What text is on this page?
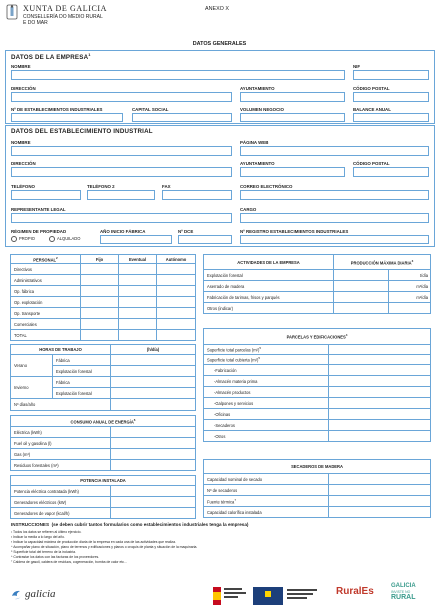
XUNTA DE GALICIA
CONSELLERÍA DO MEDIO RURAL
E DO MAR
ANEXO X
DATOS GENERALES
DATOS DE LA EMPRESA$^1$
NOMBRE	NIF
DIRECCIÓN	AYUNTAMIENTO	CÓDIGO POSTAL
Nº DE ESTABLECIMIENTOS INDUSTRIALES	CAPITAL SOCIAL	VOLUMEN NEGOCIO	BALANCE ANUAL
DATOS DEL ESTABLECIMIENTO INDUSTRIAL
NOMBRE	PÁGINA WEB
DIRECCIÓN	AYUNTAMIENTO	CÓDIGO POSTAL
TELÉFONO	TELÉFONO 2	FAX	CORREO ELECTRÓNICO
REPRESENTANTE LEGAL	CARGO
RÉGIMEN DE PROPIEDAD
PROPIO	ALQUILADO
AÑO INICIO FÁBRICA	Nº DCE	Nº REGISTRO ESTABLECIMIENTOS INDUSTRIALES
PERSONAL$^2$	Fijo	Eventual	Autónomo
Directivos			
Administrativos			
Op. fábrica			
Op. explotación			
Op. transporte			
Comerciales			
TOTAL			
ACTIVIDADES DE LA EMPRESA	PRODUCCIÓN MÁXIMA DIARIA$^3$
Explotación forestal		t/día
Aserrado de madera		m³/día
Fabricación de tarimas, frisos y parqués		m²/día
Otros (indicar)		
HORAS DE TRABAJO		(h/día)
Verano	Fábrica	
	Explotación forestal	
Invierno	Fábrica	
	Explotación forestal	
Nº días/año		
PARCELAS Y EDIFICACIONES$^4$
Superficie total parcelas $(m^2)^5$	
Superficie total cubierta $(m^2)^5$	
-Fabricación	
-Almacén materia prima	
-Almacén productos	
-Galpones y servicios	
-Oficinas	
-Secaderos	
-Otros	
CONSUMO ANUAL DE ENERGÍA$^6$
Eléctrica (kWh)	
Fuel oil y gasolina (l)	
Gas (m³)	
Residuos forestales (m³)	
POTENCIA INSTALADA	
Potencia eléctrica contratada (kWh)	
Generadores eléctricos (kW)	
Generadores de vapor (kcal/h)	
SECADEROS DE MADERA	
Capacidad nominal de secado	
Nº de secaderos	
Fuente térmica$^7$	
Capacidad calorífica instalada	
INSTRUCCIONES (se deben cubrir tantos formularios como establecimientos industriales tenga la empresa)
¹ Todos los datos se refieren al último ejercicio.
² Indicar la media a lo largo del año.
³ Indicar la capacidad máxima de producción diaria de la empresa en cada una de las actividades que realiza.
⁴ Acompañar plano de situación, plano de terrenos y edificaciones y planos o croquis de planta y situación de la maquinaria.
⁵ Superficie total del terreno de la industria.
⁶ Contrastar los datos con las facturas de los proveedores.
⁷ Caldera de gasoil, caldera de residuos, cogeneración, bomba de calor etc...
galicia	RuralEs	GALICIA
INVISTE NO
RURAL
